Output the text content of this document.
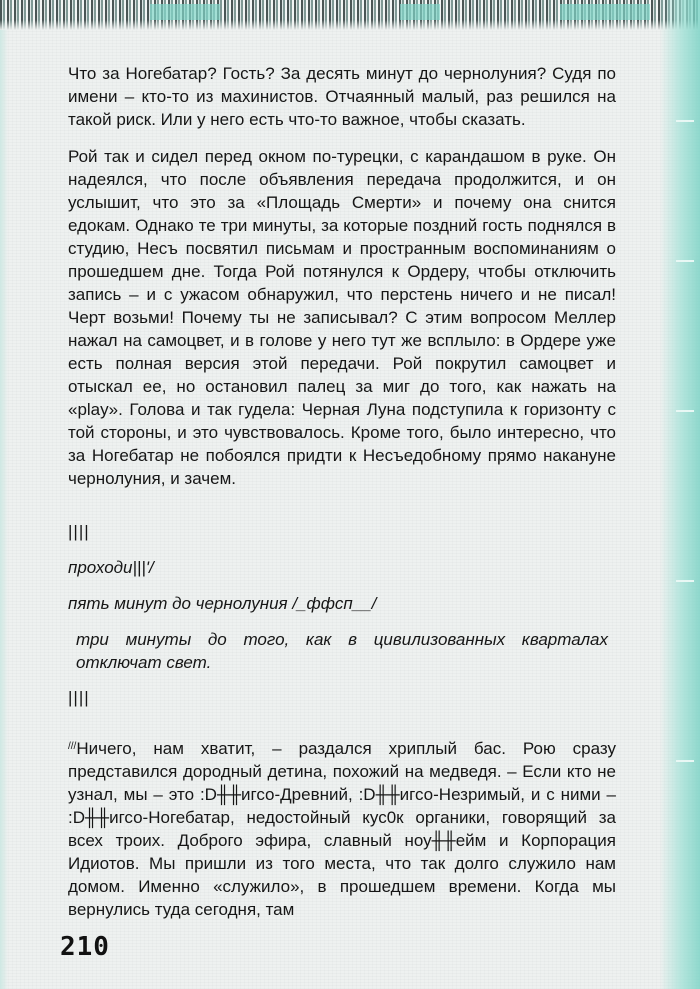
Что за Ногебатар? Гость? За десять минут до чернолуния? Судя по имени – кто-то из махинистов. Отчаянный малый, раз решился на такой риск. Или у него есть что-то важное, чтобы сказать.

Рой так и сидел перед окном по-турецки, с карандашом в руке. Он надеялся, что после объявления передача продолжится, и он услышит, что это за «Площадь Смерти» и почему она снится едокам. Однако те три минуты, за которые поздний гость поднялся в студию, Несъ посвятил письмам и пространным воспоминаниям о прошедшем дне. Тогда Рой потянулся к Ордеру, чтобы отключить запись – и с ужасом обнаружил, что перстень ничего и не писал! Черт возьми! Почему ты не записывал? С этим вопросом Меллер нажал на самоцвет, и в голове у него тут же всплыло: в Ордере уже есть полная версия этой передачи. Рой покрутил самоцвет и отыскал ее, но остановил палец за миг до того, как нажать на «play». Голова и так гудела: Черная Луна подступила к горизонту с той стороны, и это чувствовалось. Кроме того, было интересно, что за Ногебатар не побоялся придти к Несъедобному прямо накануне чернолуния, и зачем.

||||

проходи|||'/

пять минут до чернолуния /_ффсп__/

три минуты до того, как в цивилизованных кварталах отключат свет.

||||

///Ничего, нам хватит, – раздался хриплый бас. Рою сразу представился дородный детина, похожий на медведя. – Если кто не узнал, мы – это :D╫╫игсо-Древний, :D╫╫игсо-Незримый, и с ними – :D╫╫игсо-Ногебатар, недостойный кус0к органики, говорящий за всех троих. Доброго эфира, славный ноу╫╫ейм и Корпорация Идиотов. Мы пришли из того места, что так долго служило нам домом. Именно «служило», в прошедшем времени. Когда мы вернулись туда сегодня, там

210
